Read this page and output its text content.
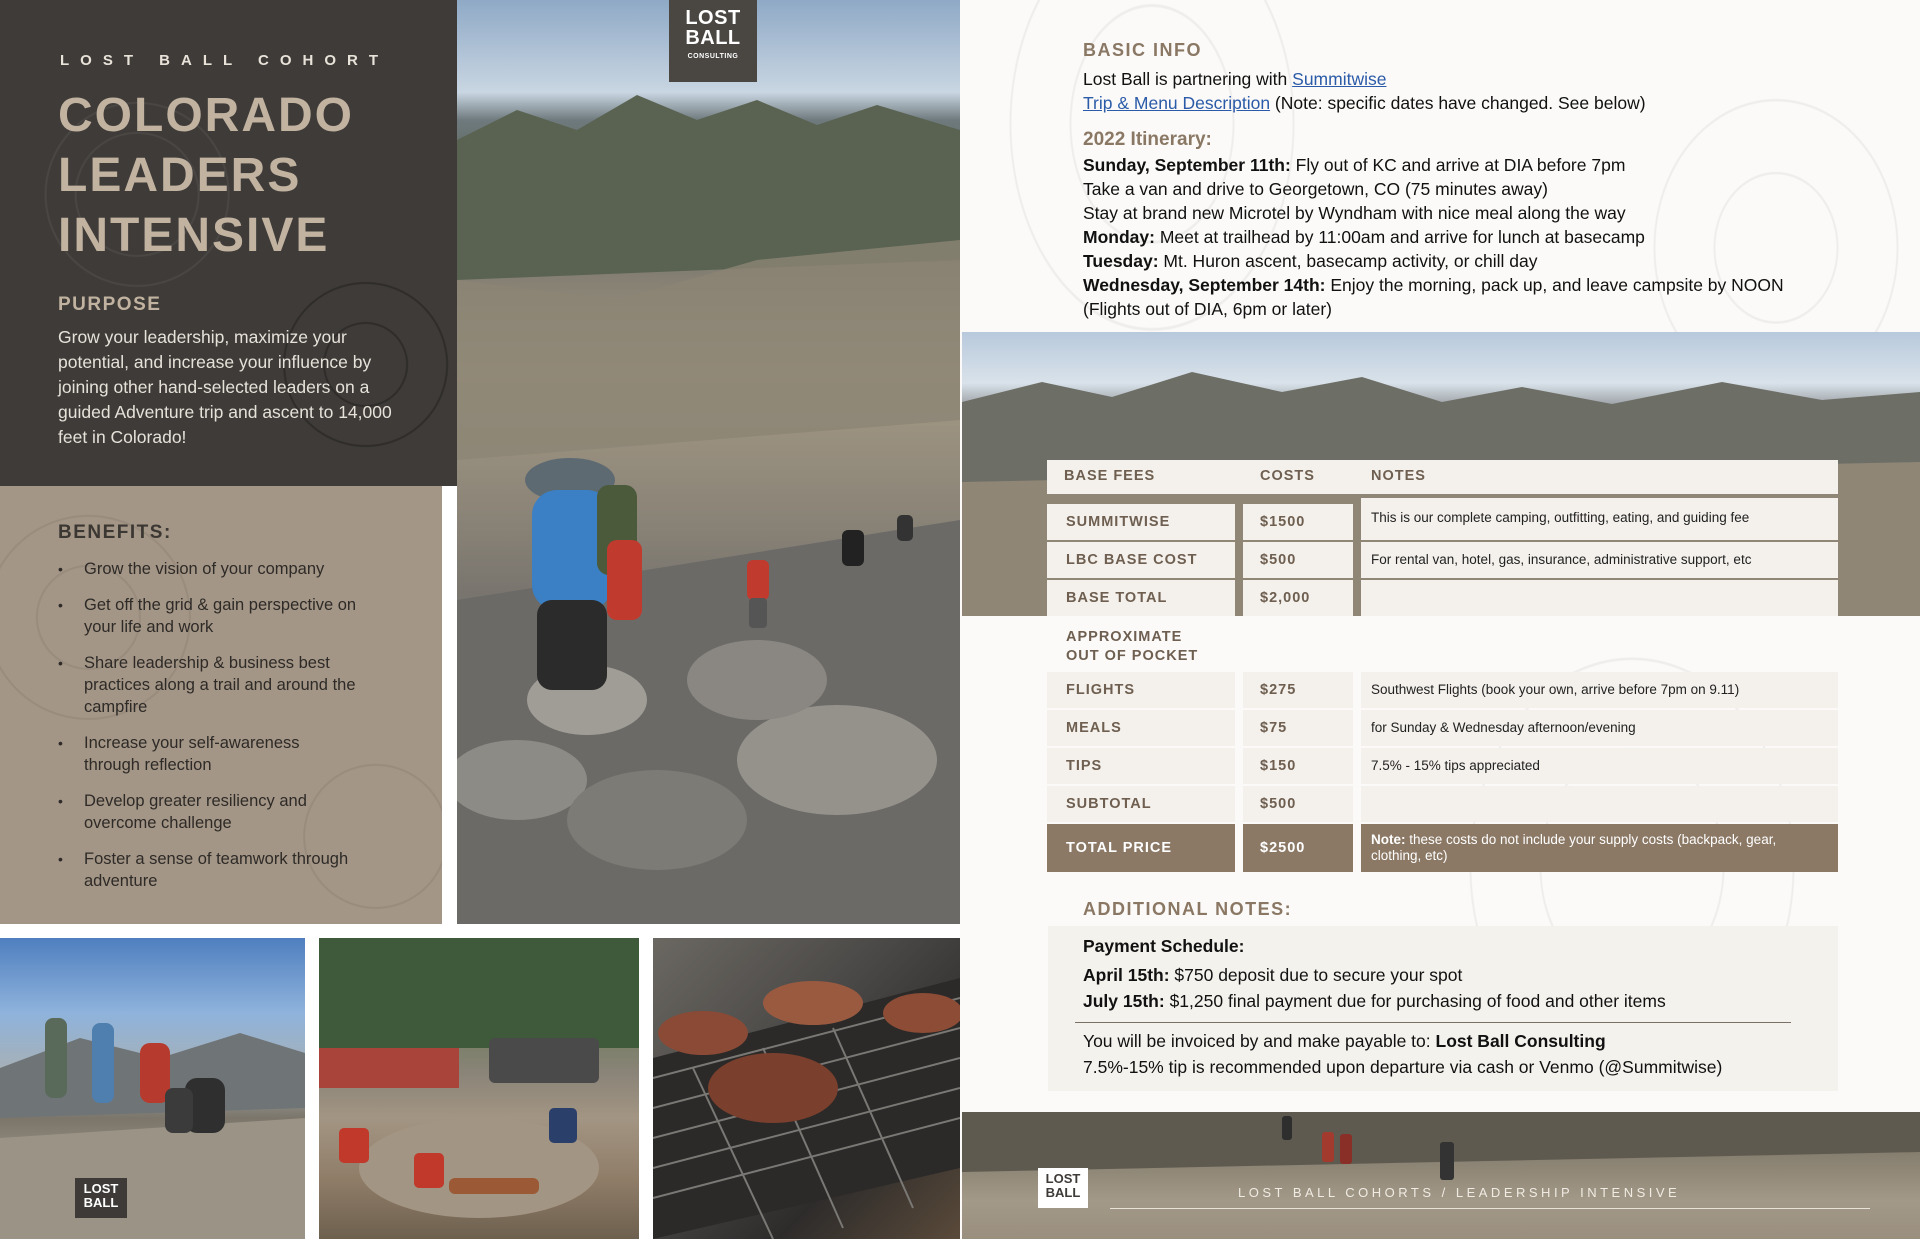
LOST BALL COHORT
COLORADO
LEADERS
INTENSIVE
PURPOSE
Grow your leadership, maximize your potential, and increase your influence by joining other hand-selected leaders on a guided Adventure trip and ascent to 14,000 feet in Colorado!
BENEFITS:
• Grow the vision of your company
• Get off the grid & gain perspective on your life and work
• Share leadership & business best practices along a trail and around the campfire
• Increase your self-awareness through reflection
• Develop greater resiliency and overcome challenge
• Foster a sense of teamwork through adventure
LOST
BALL
CONSULTING
LOST
BALL
BASIC INFO
Lost Ball is partnering with Summitwise
Trip & Menu Description (Note: specific dates have changed. See below)
2022 Itinerary:
Sunday, September 11th: Fly out of KC and arrive at DIA before 7pm
Take a van and drive to Georgetown, CO (75 minutes away)
Stay at brand new Microtel by Wyndham with nice meal along the way
Monday: Meet at trailhead by 11:00am and arrive for lunch at basecamp
Tuesday: Mt. Huron ascent, basecamp activity, or chill day
Wednesday, September 14th: Enjoy the morning, pack up, and leave campsite by NOON
(Flights out of DIA, 6pm or later)
BASE FEES	COSTS	NOTES
SUMMITWISE	$1500	This is our complete camping, outfitting, eating, and guiding fee
LBC BASE COST	$500	For rental van, hotel, gas, insurance, administrative support, etc
BASE TOTAL	$2,000
APPROXIMATE
OUT OF POCKET
FLIGHTS	$275	Southwest Flights (book your own, arrive before 7pm on 9.11)
MEALS	$75	for Sunday & Wednesday afternoon/evening
TIPS	$150	7.5% - 15% tips appreciated
SUBTOTAL	$500
TOTAL PRICE	$2500
Note: these costs do not include your supply costs (backpack, gear, clothing, etc)
ADDITIONAL NOTES:
Payment Schedule:
April 15th: $750 deposit due to secure your spot
July 15th: $1,250 final payment due for purchasing of food and other items
You will be invoiced by and make payable to: Lost Ball Consulting
7.5%-15% tip is recommended upon departure via cash or Venmo (@Summitwise)
LOST
BALL	LOST BALL COHORTS / LEADERSHIP INTENSIVE
